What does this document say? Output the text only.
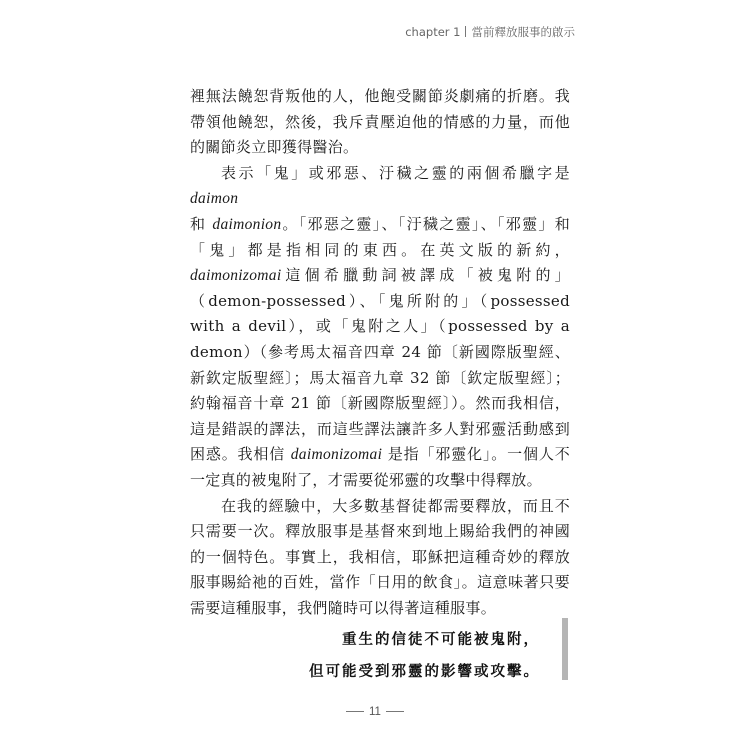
chapter 1 當前釋放服事的啟示

裡無法饒恕背叛他的人，他飽受關節炎劇痛的折磨。我帶領他饒恕，然後，我斥責壓迫他的情感的力量，而他的關節炎立即獲得醫治。

表示「鬼」或邪惡、汙穢之靈的兩個希臘字是 daimon
和 daimonion。「邪惡之靈」、「汙穢之靈」、「邪靈」和「鬼」都是指相同的東西。在英文版的新約，daimonizomai這個希臘動詞被譯成「被鬼附的」（demon-possessed）、「鬼所附的」（possessed with a devil），或「鬼附之人」（possessed by a demon）（參考馬太福音四章 24 節〔新國際版聖經、新欽定版聖經〕；馬太福音九章 32 節〔欽定版聖經〕；約翰福音十章 21 節〔新國際版聖經〕）。然而我相信，這是錯誤的譯法，而這些譯法讓許多人對邪靈活動感到困惑。我相信 daimonizomai 是指「邪靈化」。一個人不一定真的被鬼附了，才需要從邪靈的攻擊中得釋放。

在我的經驗中，大多數基督徒都需要釋放，而且不只需要一次。釋放服事是基督來到地上賜給我們的神國的一個特色。事實上，我相信，耶穌把這種奇妙的釋放服事賜給祂的百姓，當作「日用的飲食」。這意味著只要需要這種服事，我們隨時可以得著這種服事。

重生的信徒不可能被鬼附，
但可能受到邪靈的影響或攻擊。
11
